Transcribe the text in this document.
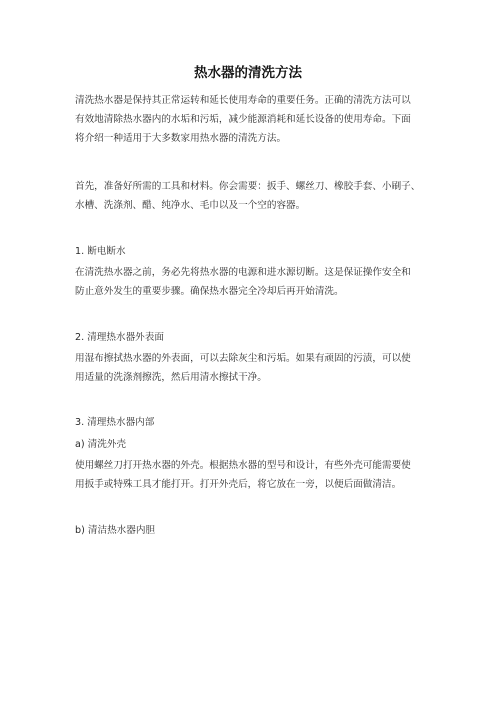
热水器的清洗方法
清洗热水器是保持其正常运转和延长使用寿命的重要任务。正确的清洗方法可以
有效地清除热水器内的水垢和污垢，减少能源消耗和延长设备的使用寿命。下面
将介绍一种适用于大多数家用热水器的清洗方法。
首先，准备好所需的工具和材料。你会需要：扳手、螺丝刀、橡胶手套、小刷子、
水槽、洗涤剂、醋、纯净水、毛巾以及一个空的容器。
1. 断电断水
在清洗热水器之前，务必先将热水器的电源和进水源切断。这是保证操作安全和
防止意外发生的重要步骤。确保热水器完全冷却后再开始清洗。
2. 清理热水器外表面
用湿布擦拭热水器的外表面，可以去除灰尘和污垢。如果有顽固的污渍，可以使
用适量的洗涤剂擦洗，然后用清水擦拭干净。
3. 清理热水器内部
a) 清洗外壳
使用螺丝刀打开热水器的外壳。根据热水器的型号和设计，有些外壳可能需要使
用扳手或特殊工具才能打开。打开外壳后，将它放在一旁，以便后面做清洁。
b) 清洁热水器内胆
